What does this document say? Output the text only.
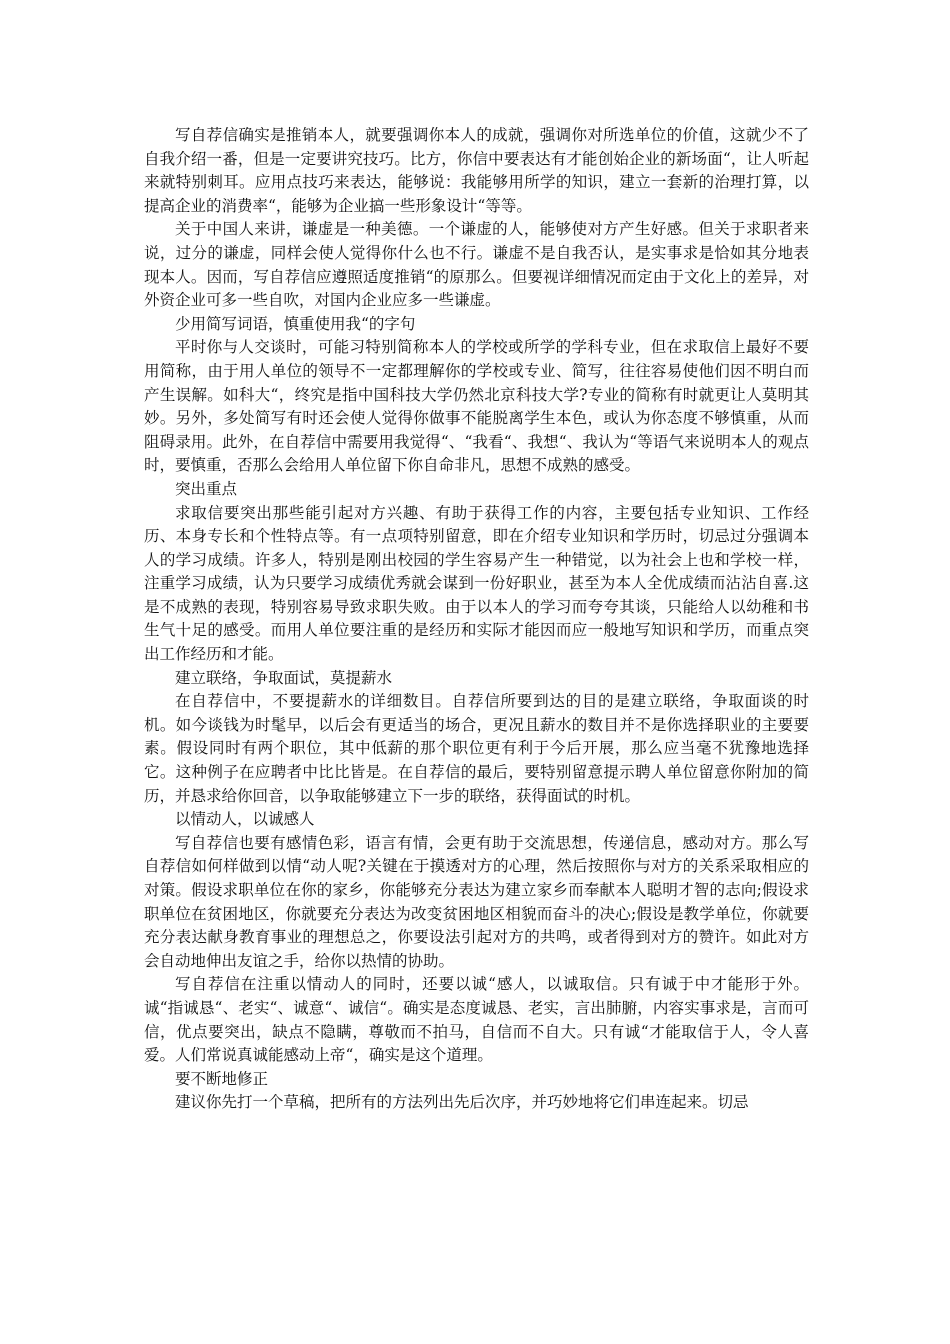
写自荐信确实是推销本人，就要强调你本人的成就，强调你对所选单位的价值，这就少不了自我介绍一番，但是一定要讲究技巧。比方，你信中要表达有才能创始企业的新场面“，让人听起来就特别刺耳。应用点技巧来表达，能够说：我能够用所学的知识，建立一套新的治理打算，以提高企业的消费率“，能够为企业搞一些形象设计“等等。

关于中国人来讲，谦虚是一种美德。一个谦虚的人，能够使对方产生好感。但关于求职者来说，过分的谦虚，同样会使人觉得你什么也不行。谦虚不是自我否认，是实事求是恰如其分地表现本人。因而，写自荐信应遵照适度推销“的原那么。但要视详细情况而定由于文化上的差异，对外资企业可多一些自吹，对国内企业应多一些谦虚。

少用简写词语，慎重使用我“的字句

平时你与人交谈时，可能习特别简称本人的学校或所学的学科专业，但在求取信上最好不要用简称，由于用人单位的领导不一定都理解你的学校或专业、简写，往往容易使他们因不明白而产生误解。如科大“，终究是指中国科技大学仍然北京科技大学?专业的简称有时就更让人莫明其妙。另外，多处简写有时还会使人觉得你做事不能脱离学生本色，或认为你态度不够慎重，从而阻碍录用。此外，在自荐信中需要用我觉得“、“我看“、我想“、我认为“等语气来说明本人的观点时，要慎重，否那么会给用人单位留下你自命非凡，思想不成熟的感受。

突出重点

求取信要突出那些能引起对方兴趣、有助于获得工作的内容，主要包括专业知识、工作经历、本身专长和个性特点等。有一点项特别留意，即在介绍专业知识和学历时，切忌过分强调本人的学习成绩。许多人，特别是刚出校园的学生容易产生一种错觉，以为社会上也和学校一样，注重学习成绩，认为只要学习成绩优秀就会谋到一份好职业，甚至为本人全优成绩而沾沾自喜.这是不成熟的表现，特别容易导致求职失败。由于以本人的学习而夸夸其谈，只能给人以幼稚和书生气十足的感受。而用人单位要注重的是经历和实际才能因而应一般地写知识和学历，而重点突出工作经历和才能。

建立联络，争取面试，莫提薪水

在自荐信中，不要提薪水的详细数目。自荐信所要到达的目的是建立联络，争取面谈的时机。如今谈钱为时髦早，以后会有更适当的场合，更况且薪水的数目并不是你选择职业的主要要素。假设同时有两个职位，其中低薪的那个职位更有利于今后开展，那么应当毫不犹豫地选择它。这种例子在应聘者中比比皆是。在自荐信的最后，要特别留意提示聘人单位留意你附加的简历，并恳求给你回音，以争取能够建立下一步的联络，获得面试的时机。

以情动人，以诚感人

写自荐信也要有感情色彩，语言有情，会更有助于交流思想，传递信息，感动对方。那么写自荐信如何样做到以情“动人呢?关键在于摸透对方的心理，然后按照你与对方的关系采取相应的对策。假设求职单位在你的家乡，你能够充分表达为建立家乡而奉献本人聪明才智的志向;假设求职单位在贫困地区，你就要充分表达为改变贫困地区相貌而奋斗的决心;假设是教学单位，你就要充分表达献身教育事业的理想总之，你要设法引起对方的共鸣，或者得到对方的赞许。如此对方会自动地伸出友谊之手，给你以热情的协助。

写自荐信在注重以情动人的同时，还要以诚“感人，以诚取信。只有诚于中才能形于外。诚“指诚恳“、老实“、诚意“、诚信“。确实是态度诚恳、老实，言出肺腑，内容实事求是，言而可信，优点要突出，缺点不隐瞒，尊敬而不拍马，自信而不自大。只有诚“才能取信于人，令人喜爱。人们常说真诚能感动上帝“，确实是这个道理。

要不断地修正

建议你先打一个草稿，把所有的方法列出先后次序，并巧妙地将它们串连起来。切忌
